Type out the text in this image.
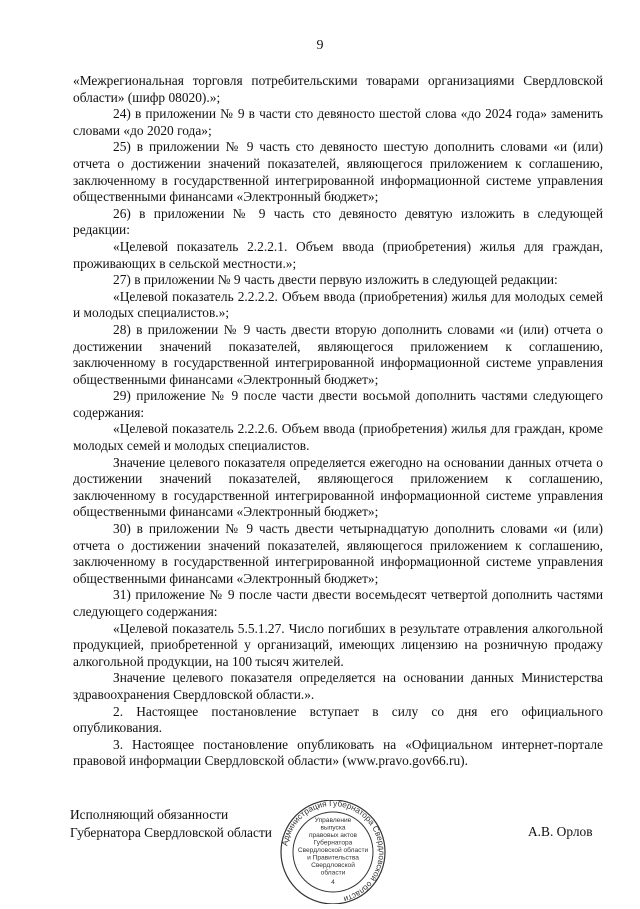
9

«Межрегиональная торговля потребительскими товарами организациями Свердловской области» (шифр 08020).»;

24) в приложении № 9 в части сто девяносто шестой слова «до 2024 года» заменить словами «до 2020 года»;

25) в приложении № 9 часть сто девяносто шестую дополнить словами «и (или) отчета о достижении значений показателей, являющегося приложением к соглашению, заключенному в государственной интегрированной информационной системе управления общественными финансами «Электронный бюджет»;

26) в приложении № 9 часть сто девяносто девятую изложить в следующей редакции:

«Целевой показатель 2.2.2.1. Объем ввода (приобретения) жилья для граждан, проживающих в сельской местности.»;

27) в приложении № 9 часть двести первую изложить в следующей редакции:

«Целевой показатель 2.2.2.2. Объем ввода (приобретения) жилья для молодых семей и молодых специалистов.»;

28) в приложении № 9 часть двести вторую дополнить словами «и (или) отчета о достижении значений показателей, являющегося приложением к соглашению, заключенному в государственной интегрированной информационной системе управления общественными финансами «Электронный бюджет»;

29) приложение № 9 после части двести восьмой дополнить частями следующего содержания:

«Целевой показатель 2.2.2.6. Объем ввода (приобретения) жилья для граждан, кроме молодых семей и молодых специалистов.

Значение целевого показателя определяется ежегодно на основании данных отчета о достижении значений показателей, являющегося приложением к соглашению, заключенному в государственной интегрированной информационной системе управления общественными финансами «Электронный бюджет»;

30) в приложении № 9 часть двести четырнадцатую дополнить словами «и (или) отчета о достижении значений показателей, являющегося приложением к соглашению, заключенному в государственной интегрированной информационной системе управления общественными финансами «Электронный бюджет»;

31) приложение № 9 после части двести восемьдесят четвертой дополнить частями следующего содержания:

«Целевой показатель 5.5.1.27. Число погибших в результате отравления алкогольной продукцией, приобретенной у организаций, имеющих лицензию на розничную продажу алкогольной продукции, на 100 тысяч жителей.

Значение целевого показателя определяется на основании данных Министерства здравоохранения Свердловской области.».

2. Настоящее постановление вступает в силу со дня его официального опубликования.

3. Настоящее постановление опубликовать на «Официальном интернет-портале правовой информации Свердловской области» (www.pravo.gov66.ru).

Исполняющий обязанности
Губернатора Свердловской области
Администрация Губернатора Свердловской области
Управление
выпуска
правовых актов
Губернатора
Свердловской области
и Правительства
Свердловской
области
4
А.В. Орлов
